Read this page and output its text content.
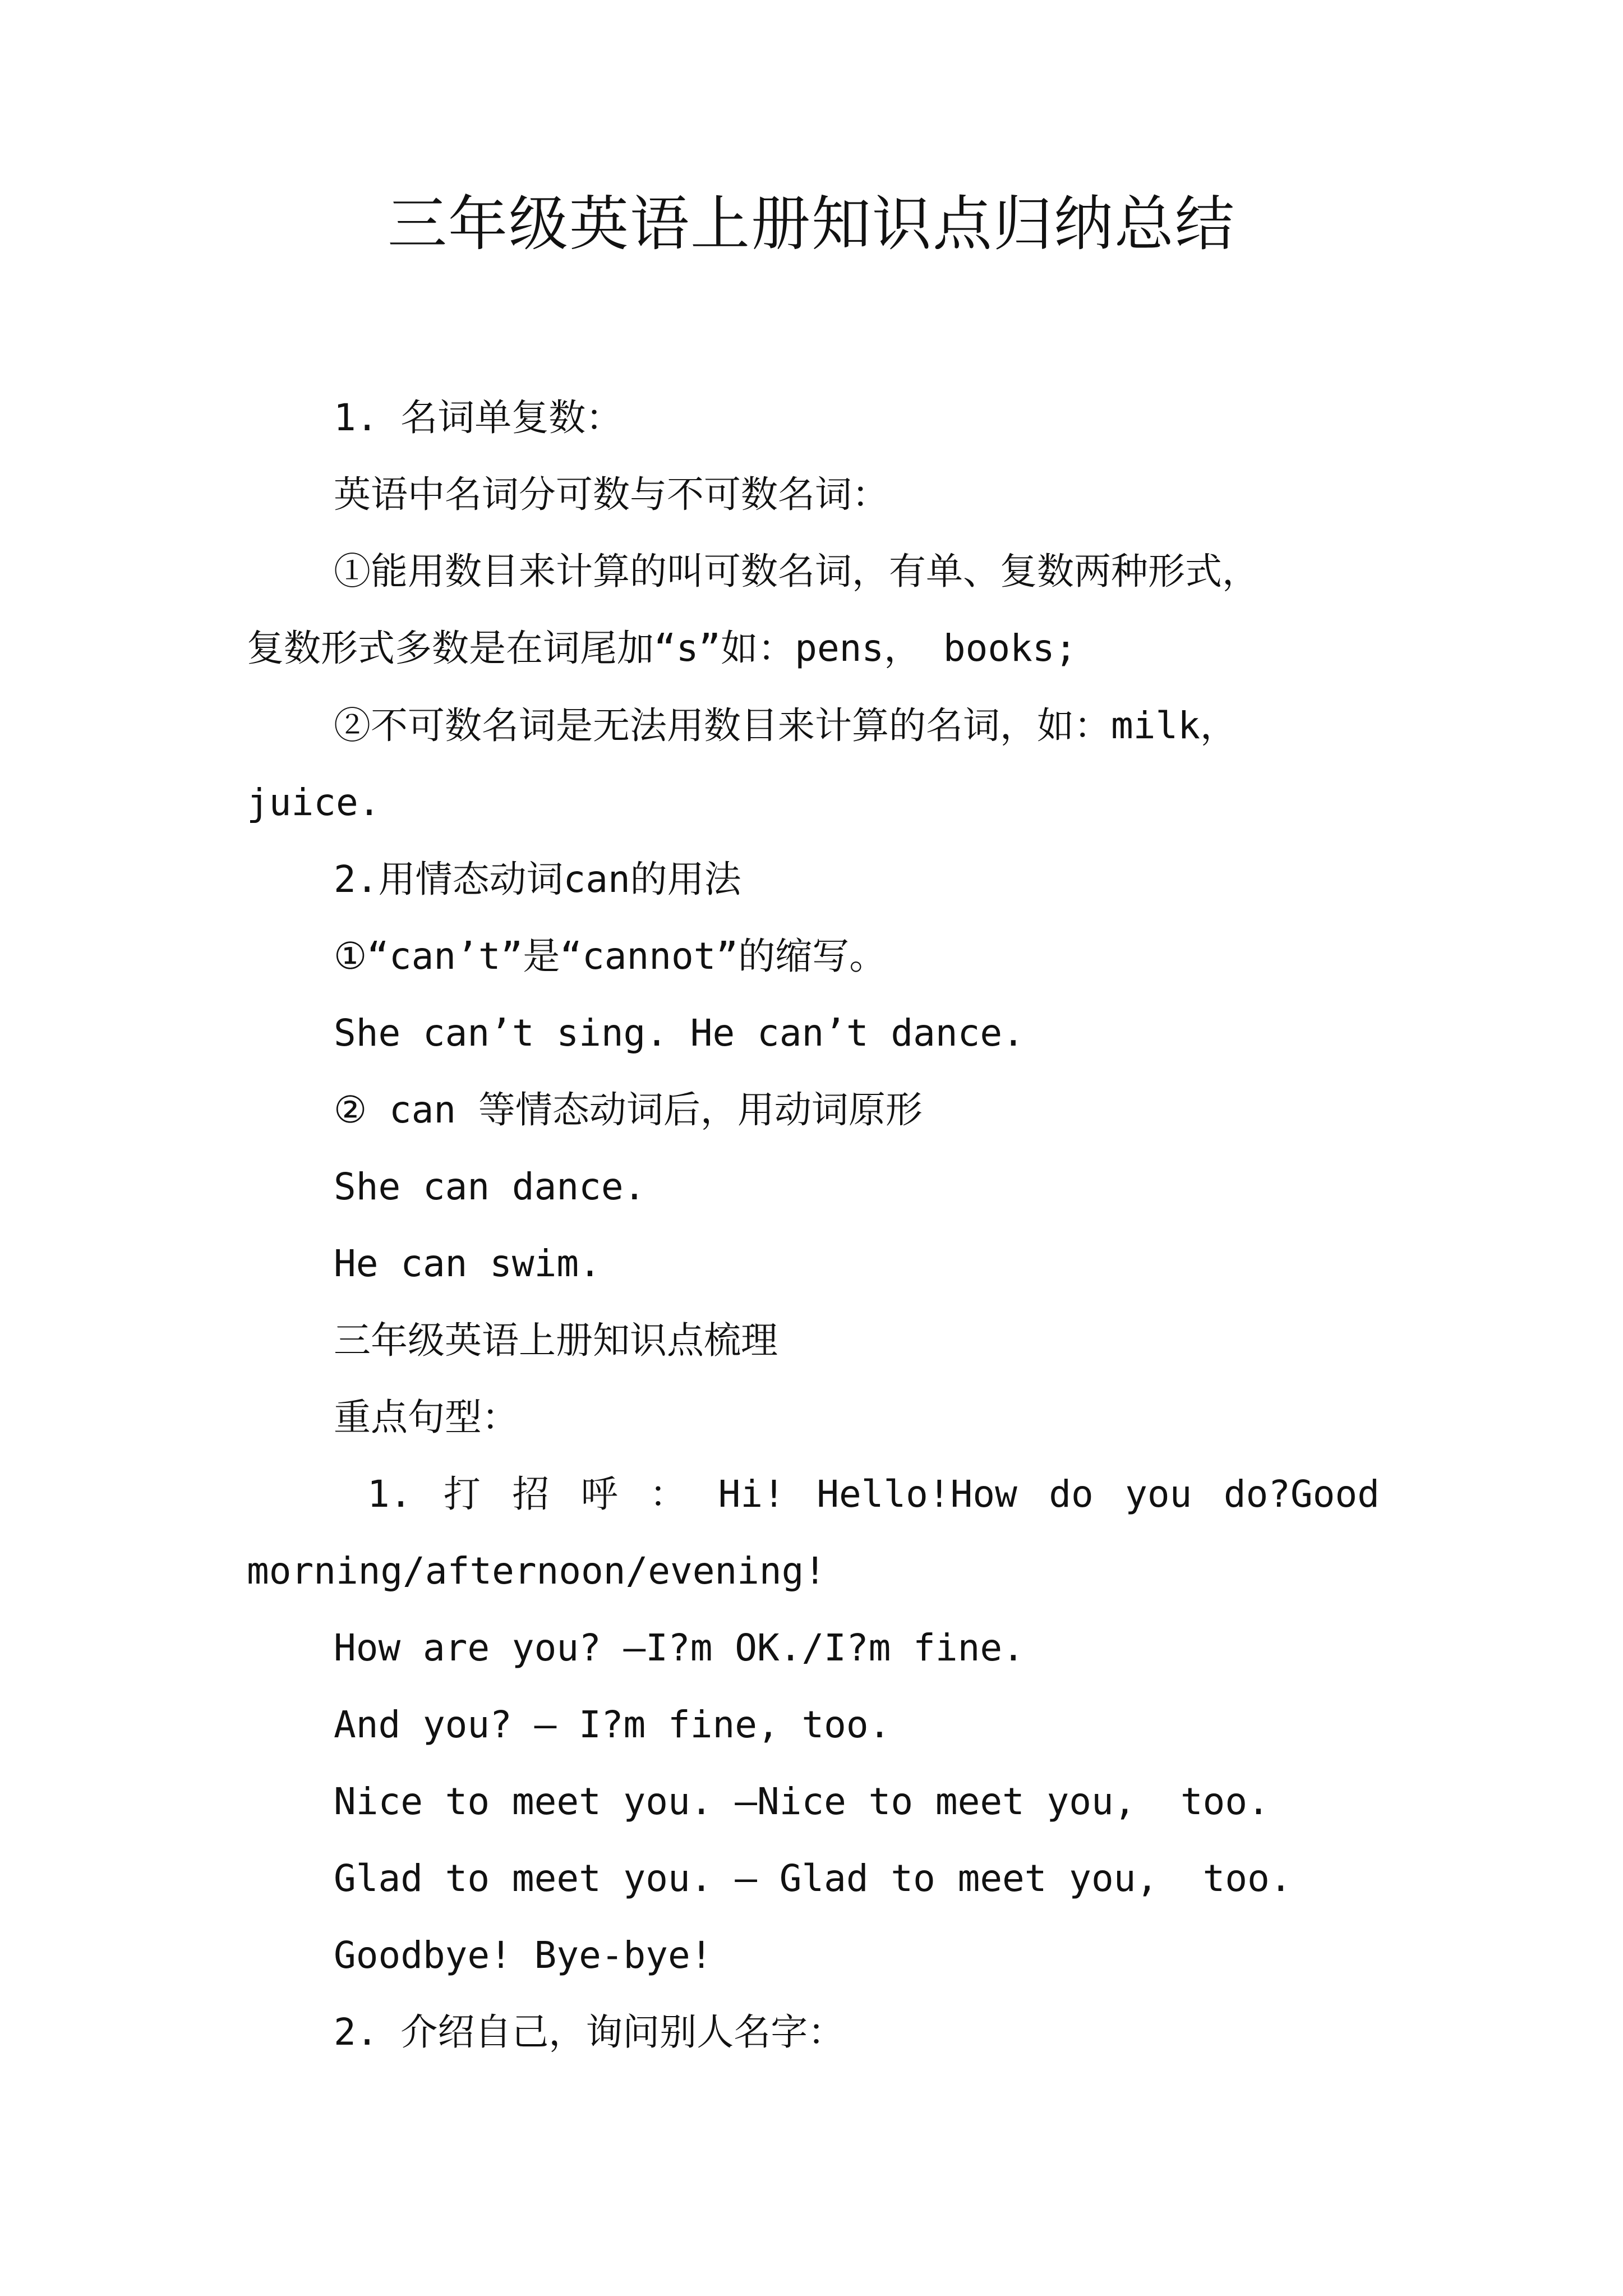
三年级英语上册知识点归纳总结
1. 名词单复数：
英语中名词分可数与不可数名词：
①能用数目来计算的叫可数名词，有单、复数两种形式，
复数形式多数是在词尾加“s”如：pens， books;
②不可数名词是无法用数目来计算的名词，如：milk，
juice.
2.用情态动词can的用法
①“can’t”是“cannot”的缩写。
She can’t sing. He can’t dance.
② can 等情态动词后，用动词原形
She can dance.
He can swim.
三年级英语上册知识点梳理
重点句型：
1. 打 招 呼 ： Hi! Hello!How do you do?Good
morning/afternoon/evening!
How are you? —I?m OK./I?m fine.
And you? — I?m fine, too.
Nice to meet you. —Nice to meet you,  too.
Glad to meet you. — Glad to meet you,  too.
Goodbye! Bye-bye!
2. 介绍自己，询问别人名字：
